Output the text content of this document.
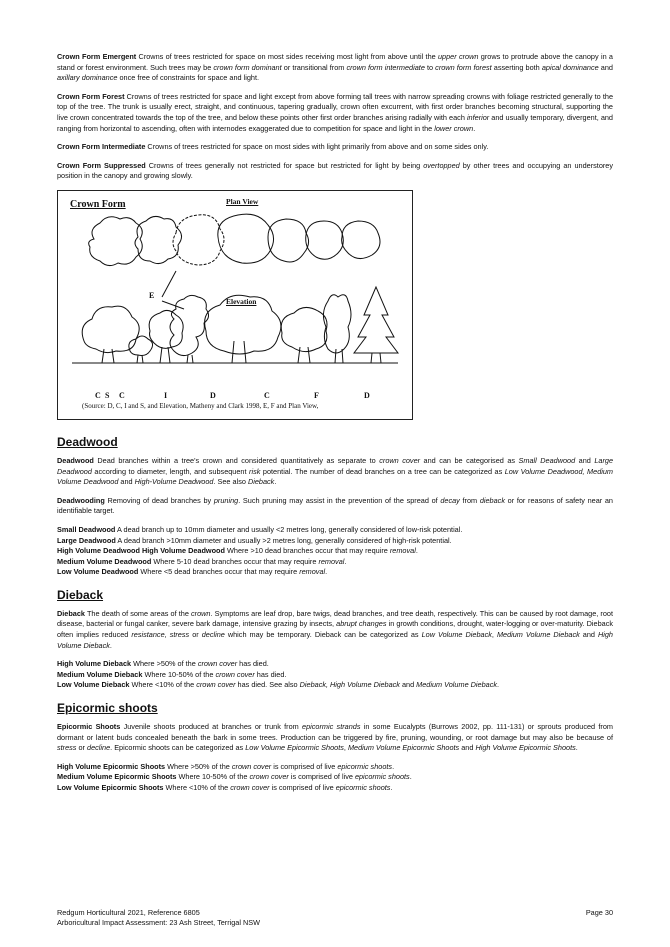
Crown Form Emergent Crowns of trees restricted for space on most sides receiving most light from above until the upper crown grows to protrude above the canopy in a stand or forest environment. Such trees may be crown form dominant or transitional from crown form intermediate to crown form forest asserting both apical dominance and axillary dominance once free of constraints for space and light.

Crown Form Forest Crowns of trees restricted for space and light except from above forming tall trees with narrow spreading crowns with foliage restricted generally to the top of the tree. The trunk is usually erect, straight, and continuous, tapering gradually, crown often excurrent, with first order branches becoming structural, supporting the live crown concentrated towards the top of the tree, and below these points other first order branches arising radially with each inferior and usually temporary, divergent, and ranging from horizontal to ascending, often with internodes exaggerated due to competition for space and light in the lower crown.

Crown Form Intermediate Crowns of trees restricted for space on most sides with light primarily from above and on some sides only.

Crown Form Suppressed Crowns of trees generally not restricted for space but restricted for light by being overtopped by other trees and occupying an understorey position in the canopy and growing slowly.

Crown Form	Plan View
Elevation
E
C S C	I	D	C	F	D
(Source: D, C, I and S, and Elevation, Matheny and Clark 1998, E, F and Plan View,
Deadwood

Deadwood Dead branches within a tree's crown and considered quantitatively as separate to crown cover and can be categorised as Small Deadwood and Large Deadwood according to diameter, length, and subsequent risk potential. The number of dead branches on a tree can be categorized as Low Volume Deadwood, Medium Volume Deadwood and High-Volume Deadwood. See also Dieback.

Deadwooding Removing of dead branches by pruning. Such pruning may assist in the prevention of the spread of decay from dieback or for reasons of safety near an identifiable target.

Small Deadwood A dead branch up to 10mm diameter and usually <2 metres long, generally considered of low-risk potential.

Large Deadwood A dead branch >10mm diameter and usually >2 metres long, generally considered of high-risk potential.

High Volume Deadwood High Volume Deadwood Where >10 dead branches occur that may require removal.

Medium Volume Deadwood Where 5-10 dead branches occur that may require removal.

Low Volume Deadwood Where <5 dead branches occur that may require removal.

Dieback

Dieback The death of some areas of the crown. Symptoms are leaf drop, bare twigs, dead branches, and tree death, respectively. This can be caused by root damage, root disease, bacterial or fungal canker, severe bark damage, intensive grazing by insects, abrupt changes in growth conditions, drought, water-logging or over-maturity. Dieback often implies reduced resistance, stress or decline which may be temporary. Dieback can be categorized as Low Volume Dieback, Medium Volume Dieback and High Volume Dieback.

High Volume Dieback Where >50% of the crown cover has died.

Medium Volume Dieback Where 10-50% of the crown cover has died.

Low Volume Dieback Where <10% of the crown cover has died. See also Dieback, High Volume Dieback and Medium Volume Dieback.

Epicormic shoots

Epicormic Shoots Juvenile shoots produced at branches or trunk from epicormic strands in some Eucalypts (Burrows 2002, pp. 111-131) or sprouts produced from dormant or latent buds concealed beneath the bark in some trees. Production can be triggered by fire, pruning, wounding, or root damage but may also be because of stress or decline. Epicormic shoots can be categorized as Low Volume Epicormic Shoots, Medium Volume Epicormic Shoots and High Volume Epicormic Shoots.

High Volume Epicormic Shoots Where >50% of the crown cover is comprised of live epicormic shoots.

Medium Volume Epicormic Shoots Where 10-50% of the crown cover is comprised of live epicormic shoots.

Low Volume Epicormic Shoots Where <10% of the crown cover is comprised of live epicormic shoots.

Redgum Horticultural 2021, Reference 6805
Arboricultural Impact Assessment: 23 Ash Street, Terrigal NSW
Page 30
